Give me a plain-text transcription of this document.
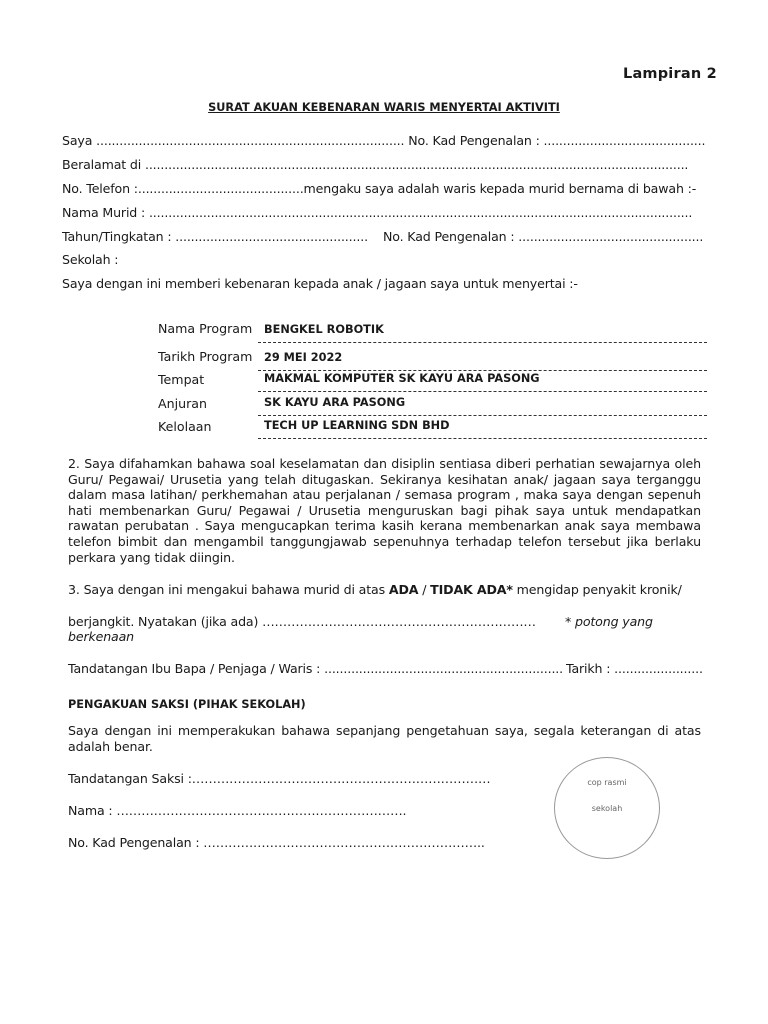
Lampiran 2
SURAT AKUAN KEBENARAN WARIS MENYERTAI AKTIVITI
Saya ................................................................................ No. Kad Pengenalan : ..........................................
Beralamat di .............................................................................................................................................
No. Telefon :...........................................mengaku saya adalah waris kepada murid bernama di bawah :-
Nama Murid : .............................................................................................................................................
Tahun/Tingkatan : .................................................. No. Kad Pengenalan : ................................................
Sekolah :
Saya dengan ini memberi kebenaran kepada anak / jagaan saya untuk menyertai :-
Nama Program	BENGKEL ROBOTIK
Tarikh Program	29 MEI 2022
Tempat	MAKMAL KOMPUTER SK KAYU ARA PASONG
Anjuran	SK KAYU ARA PASONG
Kelolaan	TECH UP LEARNING SDN BHD
2. Saya difahamkan bahawa soal keselamatan dan disiplin sentiasa diberi perhatian sewajarnya oleh Guru/ Pegawai/ Urusetia yang telah ditugaskan. Sekiranya kesihatan anak/ jagaan saya terganggu dalam masa latihan/ perkhemahan atau perjalanan / semasa program , maka saya dengan sepenuh hati membenarkan Guru/ Pegawai / Urusetia menguruskan bagi pihak saya untuk mendapatkan rawatan perubatan . Saya mengucapkan terima kasih kerana membenarkan anak saya membawa telefon bimbit dan mengambil tanggungjawab sepenuhnya terhadap telefon tersebut jika berlaku perkara yang tidak diingin.
3. Saya dengan ini mengakui bahawa murid di atas ADA / TIDAK ADA* mengidap penyakit kronik/
berjangkit. Nyatakan (jika ada) ………………………………………………………… * potong yang
berkenaan
Tandatangan Ibu Bapa / Penjaga / Waris : .............................................................. Tarikh : .......................
PENGAKUAN SAKSI (PIHAK SEKOLAH)
Saya dengan ini memperakukan bahawa sepanjang pengetahuan saya, segala keterangan di atas adalah benar.
Tandatangan Saksi :………………………………………………………………
Nama : …………………………………………………………….
No. Kad Pengenalan : …………………………………………………………..
cop rasmi
sekolah
